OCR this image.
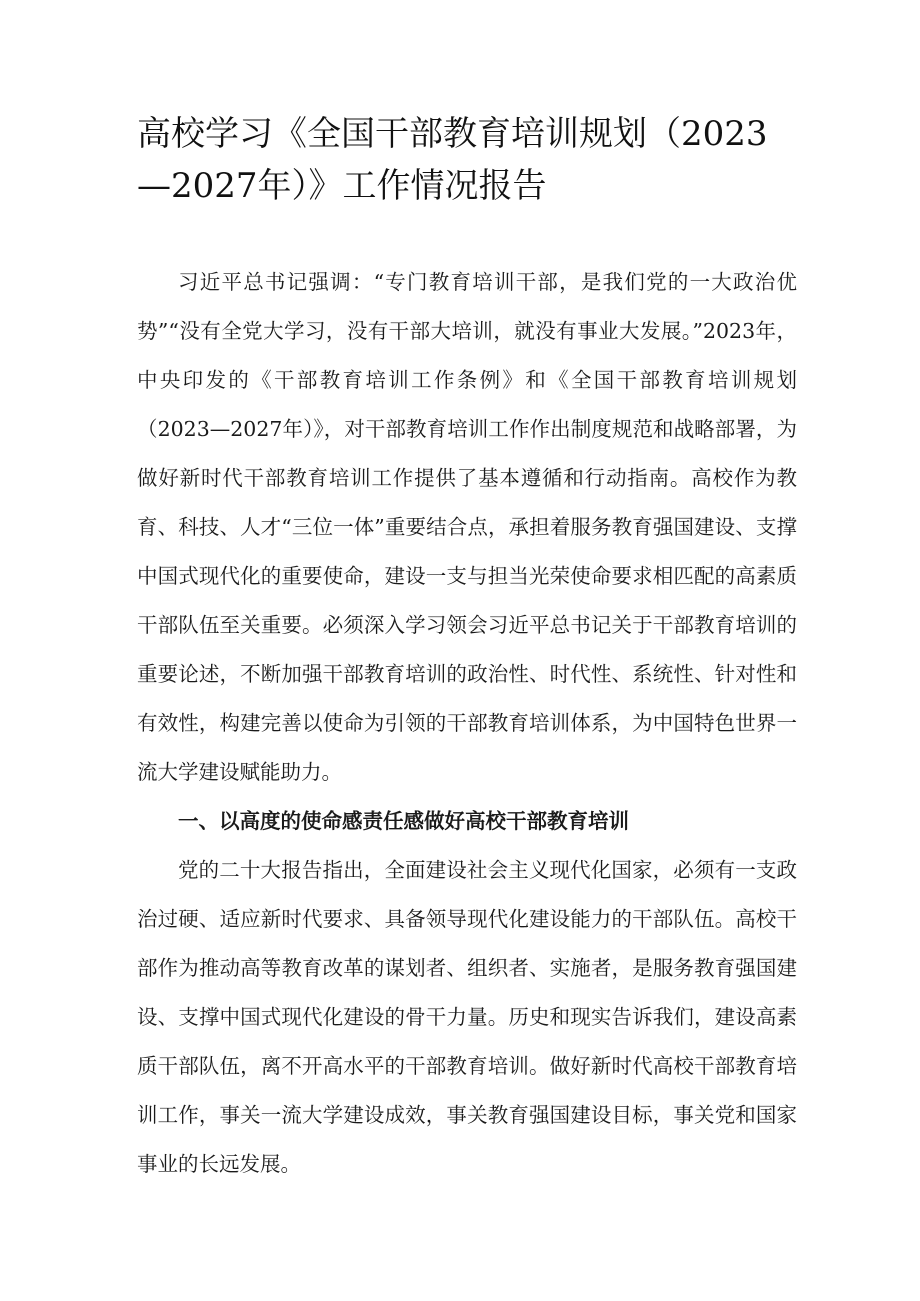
高校学习《全国干部教育培训规划（2023—2027年）》工作情况报告

习近平总书记强调：“专门教育培训干部，是我们党的一大政治优势”“没有全党大学习，没有干部大培训，就没有事业大发展。”2023年，中央印发的《干部教育培训工作条例》和《全国干部教育培训规划（2023—2027年）》，对干部教育培训工作作出制度规范和战略部署，为做好新时代干部教育培训工作提供了基本遵循和行动指南。高校作为教育、科技、人才“三位一体”重要结合点，承担着服务教育强国建设、支撑中国式现代化的重要使命，建设一支与担当光荣使命要求相匹配的高素质干部队伍至关重要。必须深入学习领会习近平总书记关于干部教育培训的重要论述，不断加强干部教育培训的政治性、时代性、系统性、针对性和有效性，构建完善以使命为引领的干部教育培训体系，为中国特色世界一流大学建设赋能助力。

一、以高度的使命感责任感做好高校干部教育培训

党的二十大报告指出，全面建设社会主义现代化国家，必须有一支政治过硬、适应新时代要求、具备领导现代化建设能力的干部队伍。高校干部作为推动高等教育改革的谋划者、组织者、实施者，是服务教育强国建设、支撑中国式现代化建设的骨干力量。历史和现实告诉我们，建设高素质干部队伍，离不开高水平的干部教育培训。做好新时代高校干部教育培训工作，事关一流大学建设成效，事关教育强国建设目标，事关党和国家事业的长远发展。
